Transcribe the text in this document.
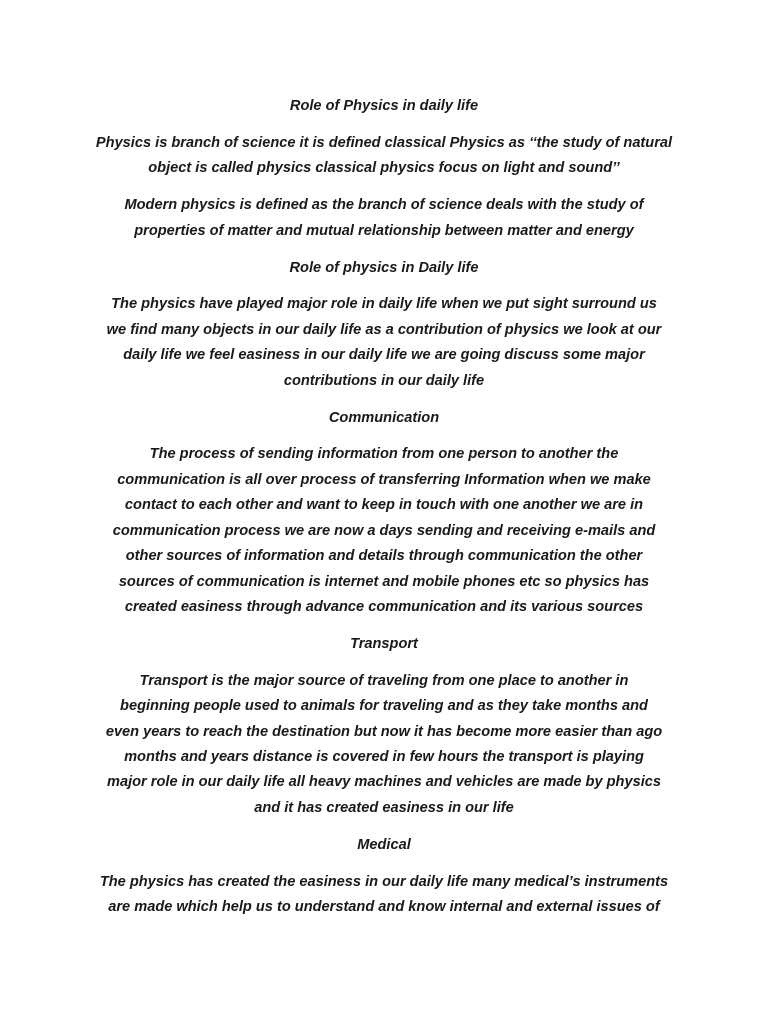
Role of Physics in daily life
Physics is branch of science it is defined classical Physics as ‘‘the study of natural
object is called physics classical physics focus on light and sound’’
Modern physics is defined as the branch of science deals with the study of
properties of matter and mutual relationship between matter and energy
Role of physics in Daily life
The physics have played major role in daily life when we put sight surround us
we find many objects in our daily life as a contribution of physics we look at our
daily life we feel easiness in our daily life we are going discuss some major
contributions in our daily life
Communication
The process of sending information from one person to another the
communication is all over process of transferring Information when we make
contact to each other and want to keep in touch with one another we are in
communication process we are now a days sending and receiving e-mails and
other sources of information and details through communication the other
sources of communication is internet and mobile phones etc so physics has
created easiness through advance communication and its various sources
Transport
Transport is the major source of traveling from one place to another in
beginning people used to animals for traveling and as they take months and
even years to reach the destination but now it has become more easier than ago
months and years distance is covered in few hours the transport is playing
major role in our daily life all heavy machines and vehicles are made by physics
and it has created easiness in our life
Medical
The physics has created the easiness in our daily life many medical’s instruments
are made which help us to understand and know internal and external issues of
